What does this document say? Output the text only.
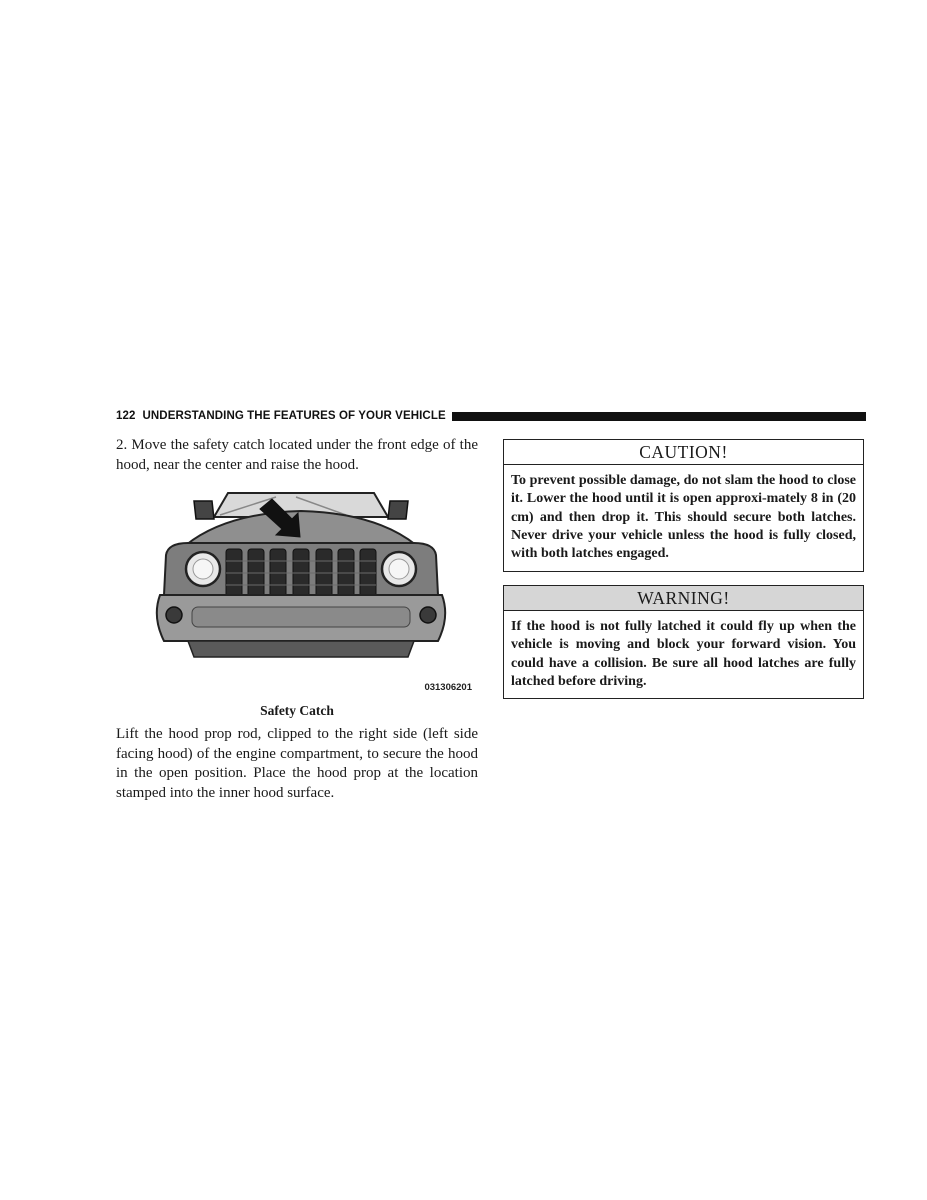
122 UNDERSTANDING THE FEATURES OF YOUR VEHICLE

2. Move the safety catch located under the front edge of the hood, near the center and raise the hood.

031306201
Safety Catch

Lift the hood prop rod, clipped to the right side (left side facing hood) of the engine compartment, to secure the hood in the open position. Place the hood prop at the location stamped into the inner hood surface.

CAUTION!
To prevent possible damage, do not slam the hood to close it. Lower the hood until it is open approxi-mately 8 in (20 cm) and then drop it. This should secure both latches. Never drive your vehicle unless the hood is fully closed, with both latches engaged.
WARNING!
If the hood is not fully latched it could fly up when the vehicle is moving and block your forward vision. You could have a collision. Be sure all hood latches are fully latched before driving.
